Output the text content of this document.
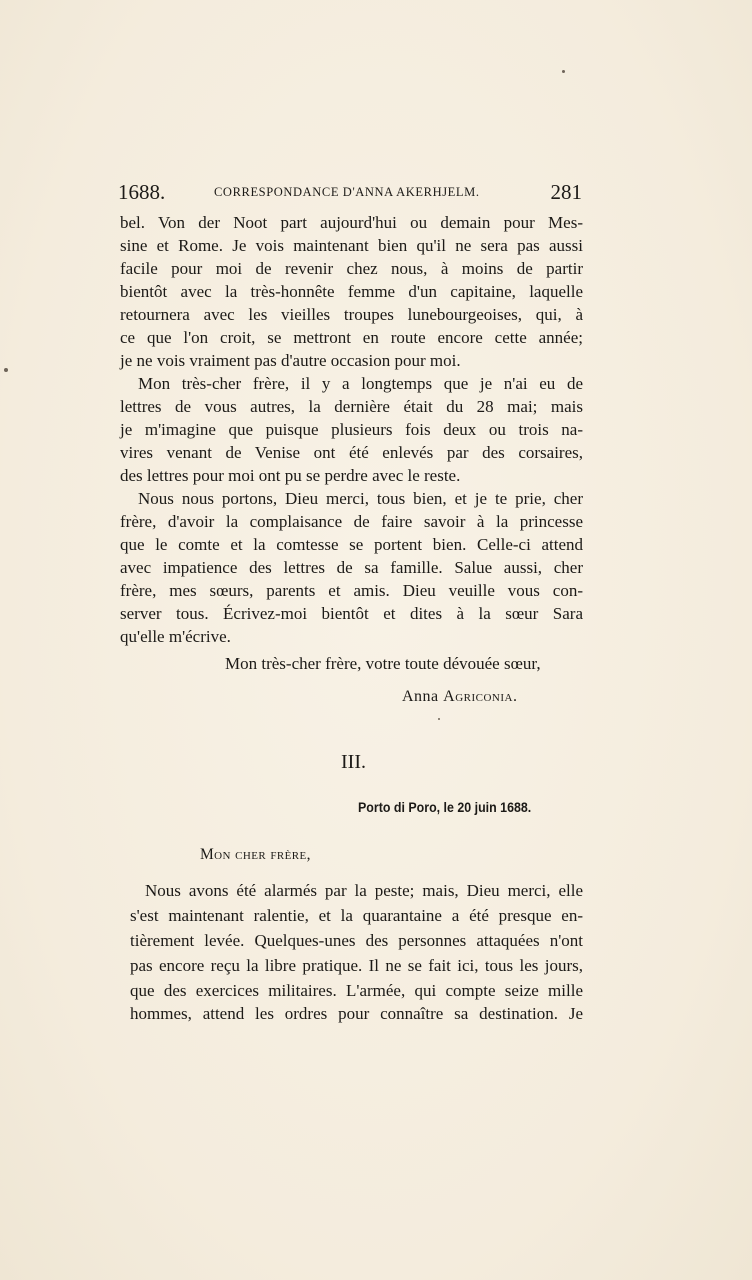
1688.	CORRESPONDANCE D'ANNA AKERHJELM.	281
bel. Von der Noot part aujourd'hui ou demain pour Mes-
sine et Rome. Je vois maintenant bien qu'il ne sera pas aussi
facile pour moi de revenir chez nous, à moins de partir
bientôt avec la très-honnête femme d'un capitaine, laquelle
retournera avec les vieilles troupes lunebourgeoises, qui, à
ce que l'on croit, se mettront en route encore cette année;
je ne vois vraiment pas d'autre occasion pour moi.
Mon très-cher frère, il y a longtemps que je n'ai eu de
lettres de vous autres, la dernière était du 28 mai; mais
je m'imagine que puisque plusieurs fois deux ou trois na-
vires venant de Venise ont été enlevés par des corsaires,
des lettres pour moi ont pu se perdre avec le reste.
Nous nous portons, Dieu merci, tous bien, et je te prie, cher
frère, d'avoir la complaisance de faire savoir à la princesse
que le comte et la comtesse se portent bien. Celle-ci attend
avec impatience des lettres de sa famille. Salue aussi, cher
frère, mes sœurs, parents et amis. Dieu veuille vous con-
server tous. Écrivez-moi bientôt et dites à la sœur Sara
qu'elle m'écrive.
Mon très-cher frère, votre toute dévouée sœur,
Anna Agriconia.
III.
Porto di Poro, le 20 juin 1688.
Mon cher frère,
Nous avons été alarmés par la peste; mais, Dieu merci, elle
s'est maintenant ralentie, et la quarantaine a été presque en-
tièrement levée. Quelques-unes des personnes attaquées n'ont
pas encore reçu la libre pratique. Il ne se fait ici, tous les jours,
que des exercices militaires. L'armée, qui compte seize mille
hommes, attend les ordres pour connaître sa destination. Je
